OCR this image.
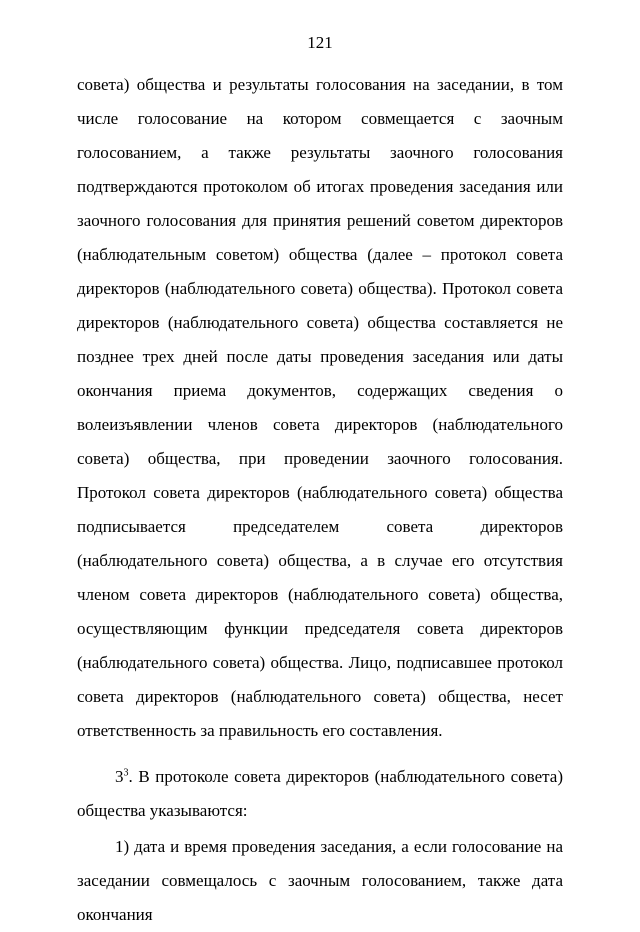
121

совета) общества и результаты голосования на заседании, в том числе голосование на котором совмещается с заочным голосованием, а также результаты заочного голосования подтверждаются протоколом об итогах проведения заседания или заочного голосования для принятия решений советом директоров (наблюдательным советом) общества (далее – протокол совета директоров (наблюдательного совета) общества). Протокол совета директоров (наблюдательного совета) общества составляется не позднее трех дней после даты проведения заседания или даты окончания приема документов, содержащих сведения о волеизъявлении членов совета директоров (наблюдательного совета) общества, при проведении заочного голосования. Протокол совета директоров (наблюдательного совета) общества подписывается председателем совета директоров (наблюдательного совета) общества, а в случае его отсутствия членом совета директоров (наблюдательного совета) общества, осуществляющим функции председателя совета директоров (наблюдательного совета) общества. Лицо, подписавшее протокол совета директоров (наблюдательного совета) общества, несет ответственность за правильность его составления.

$3^3$. В протоколе совета директоров (наблюдательного совета) общества указываются:

1) дата и время проведения заседания, а если голосование на заседании совмещалось с заочным голосованием, также дата окончания
